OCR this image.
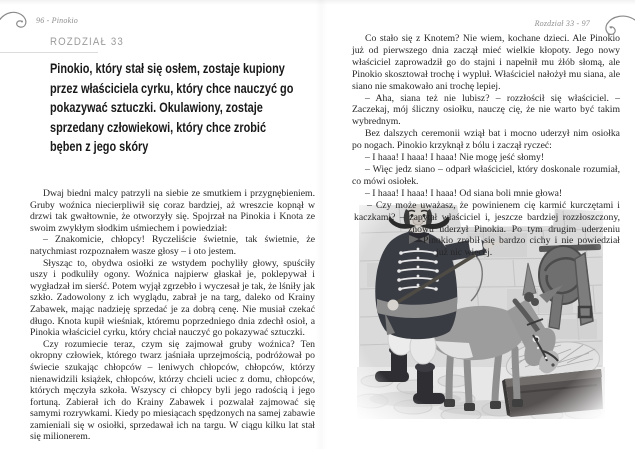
96 - Pinokio
ROZDZIAŁ 33
Pinokio, który stał się osłem, zostaje kupiony przez właściciela cyrku, który chce nauczyć go pokazywać sztuczki. Okulawiony, zostaje sprzedany człowiekowi, który chce zrobić bęben z jego skóry

Dwaj biedni malcy patrzyli na siebie ze smutkiem i przygnębieniem. Gruby woźnica niecierpliwił się coraz bardziej, aż wreszcie kopnął w drzwi tak gwałtownie, że otworzyły się. Spojrzał na Pinokia i Knota ze swoim zwykłym słodkim uśmiechem i powiedział:

– Znakomicie, chłopcy! Ryczeliście świetnie, tak świetnie, że natychmiast rozpoznałem wasze głosy – i oto jestem.

Słysząc to, obydwa osiołki ze wstydem pochyliły głowy, spuściły uszy i podkuliły ogony. Woźnica najpierw głaskał je, poklepywał i wygładzał im sierść. Potem wyjął zgrzebło i wyczesał je tak, że lśniły jak szkło. Zadowolony z ich wyglądu, zabrał je na targ, daleko od Krainy Zabawek, mając nadzieję sprzedać je za dobrą cenę. Nie musiał czekać długo. Knota kupił wieśniak, któremu poprzedniego dnia zdechł osioł, a Pinokia właściciel cyrku, który chciał nauczyć go pokazywać sztuczki.

Czy rozumiecie teraz, czym się zajmował gruby woźnica? Ten okropny człowiek, którego twarz jaśniała uprzejmością, podróżował po świecie szukając chłopców – leniwych chłopców, chłopców, którzy nienawidzili książek, chłopców, którzy chcieli uciec z domu, chłopców, których męczyła szkoła. Wszyscy ci chłopcy byli jego radością i jego fortuną. Zabierał ich do Krainy Zabawek i pozwalał zajmować się samymi rozrywkami. Kiedy po miesiącach spędzonych na samej zabawie zamieniali się w osiołki, sprzedawał ich na targu. W ciągu kilku lat stał się milionerem.

Rozdział 33 - 97

Co stało się z Knotem? Nie wiem, kochane dzieci. Ale Pinokio już od pierwszego dnia zaczął mieć wielkie kłopoty. Jego nowy właściciel zaprowadził go do stajni i napełnił mu żłób słomą, ale Pinokio skosztował trochę i wypluł. Właściciel nałożył mu siana, ale siano nie smakowało ani trochę lepiej.

– Aha, siana też nie lubisz? – rozzłościł się właściciel. – Zaczekaj, mój śliczny osiołku, nauczę cię, że nie warto być takim wybrednym.

Bez dalszych ceremonii wziął bat i mocno uderzył nim osiołka po nogach. Pinokio krzyknął z bólu i zaczął ryczeć:

– I haaa! I haaa! I haaa! Nie mogę jeść słomy!

– Więc jedz siano – odparł właściciel, który doskonale rozumiał, co mówi osiołek.

– I haaa! I haaa! I haaa! Od siana boli mnie głowa!

– Czy może uważasz, że powinienem cię karmić kurczętami i kaczkami? – zapytał właściciel i, jeszcze bardziej rozzłoszczony, znowu uderzył Pinokia. Po tym drugim uderzeniu Pinokio zrobił się bardzo cichy i nie powiedział już nic więcej.
